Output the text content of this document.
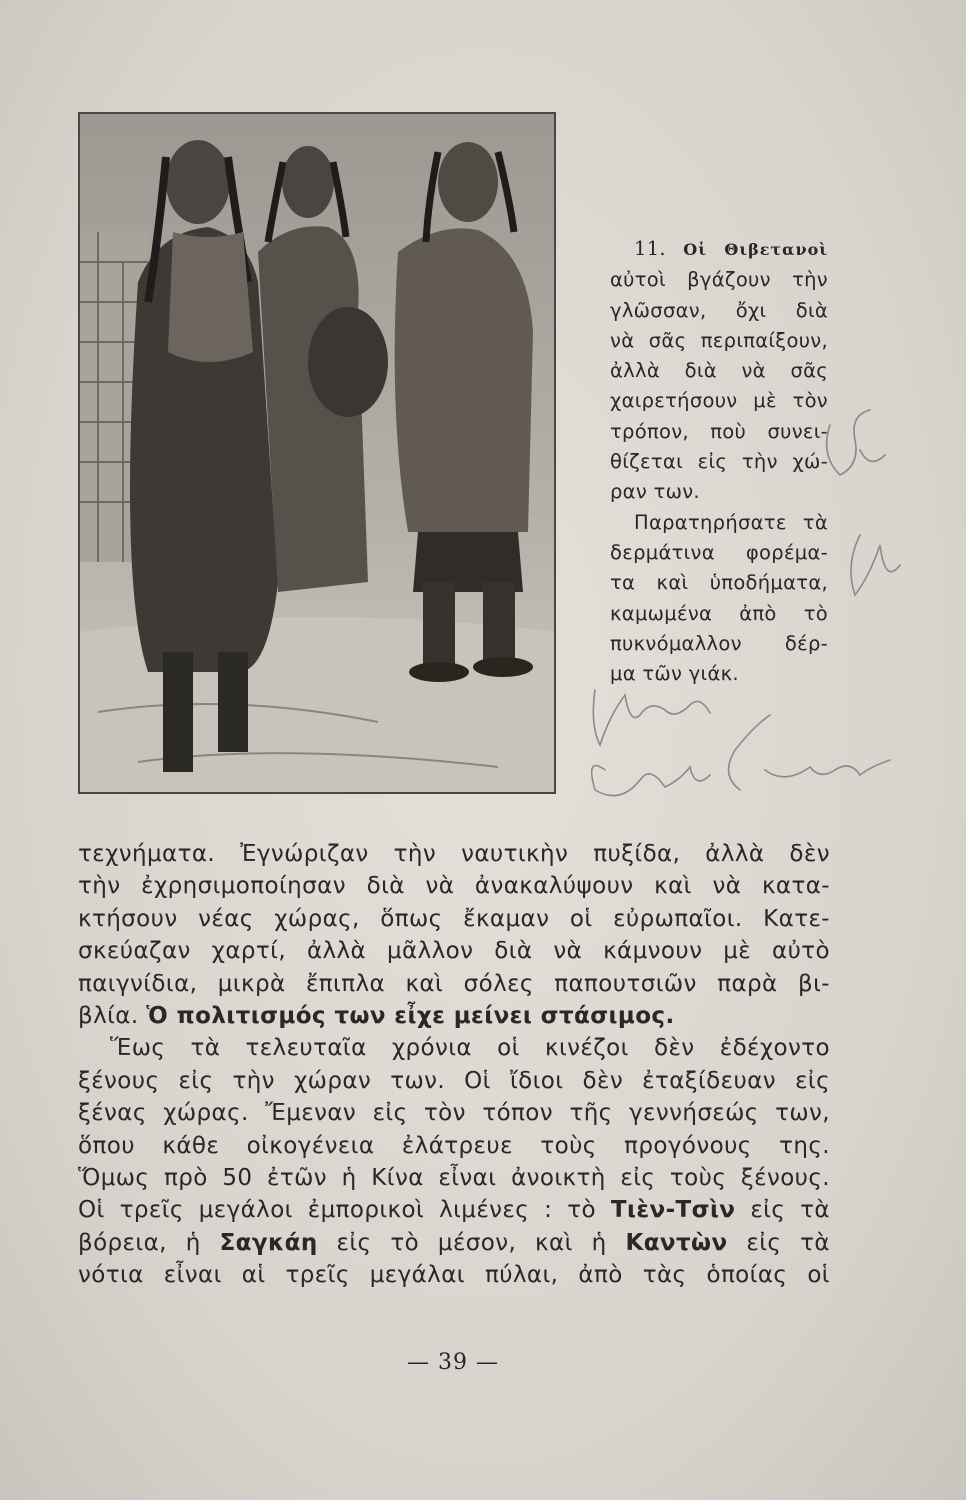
11. Οἱ Θιβετανοὶ
αὐτοὶ βγάζουν τὴν
γλῶσσαν, ὄχι διὰ
νὰ σᾶς περιπαίξουν,
ἀλλὰ διὰ νὰ σᾶς
χαιρετήσουν μὲ τὸν
τρόπον, ποὺ συνει-
θίζεται εἰς τὴν χώ-
ραν των.
Παρατηρήσατε τὰ
δερμάτινα φορέμα-
τα καὶ ὑποδήματα,
καμωμένα ἀπὸ τὸ
πυκνόμαλλον δέρ-
μα τῶν γιάκ.
τεχνήματα. Ἐγνώριζαν τὴν ναυτικὴν πυξίδα, ἀλλὰ δὲν
τὴν ἐχρησιμοποίησαν διὰ νὰ ἀνακαλύψουν καὶ νὰ κατα-
κτήσουν νέας χώρας, ὅπως ἔκαμαν οἱ εὐρωπαῖοι. Κατε-
σκεύαζαν χαρτί, ἀλλὰ μᾶλλον διὰ νὰ κάμνουν μὲ αὐτὸ
παιγνίδια, μικρὰ ἔπιπλα καὶ σόλες παπουτσιῶν παρὰ βι-
βλία. Ὁ πολιτισμός των εἶχε μείνει στάσιμος.
Ἕως τὰ τελευταῖα χρόνια οἱ κινέζοι δὲν ἐδέχοντο
ξένους εἰς τὴν χώραν των. Οἱ ἴδιοι δὲν ἐταξίδευαν εἰς
ξένας χώρας. Ἔμεναν εἰς τὸν τόπον τῆς γεννήσεώς των,
ὅπου κάθε οἰκογένεια ἐλάτρευε τοὺς προγόνους της.
Ὅμως πρὸ 50 ἐτῶν ἡ Κίνα εἶναι ἀνοικτὴ εἰς τοὺς ξένους.
Οἱ τρεῖς μεγάλοι ἐμπορικοὶ λιμένες : τὸ Τιὲν-Τσὶν εἰς τὰ
βόρεια, ἡ Σαγκάη εἰς τὸ μέσον, καὶ ἡ Καντὼν εἰς τὰ
νότια εἶναι αἱ τρεῖς μεγάλαι πύλαι, ἀπὸ τὰς ὁποίας οἱ
— 39 —
